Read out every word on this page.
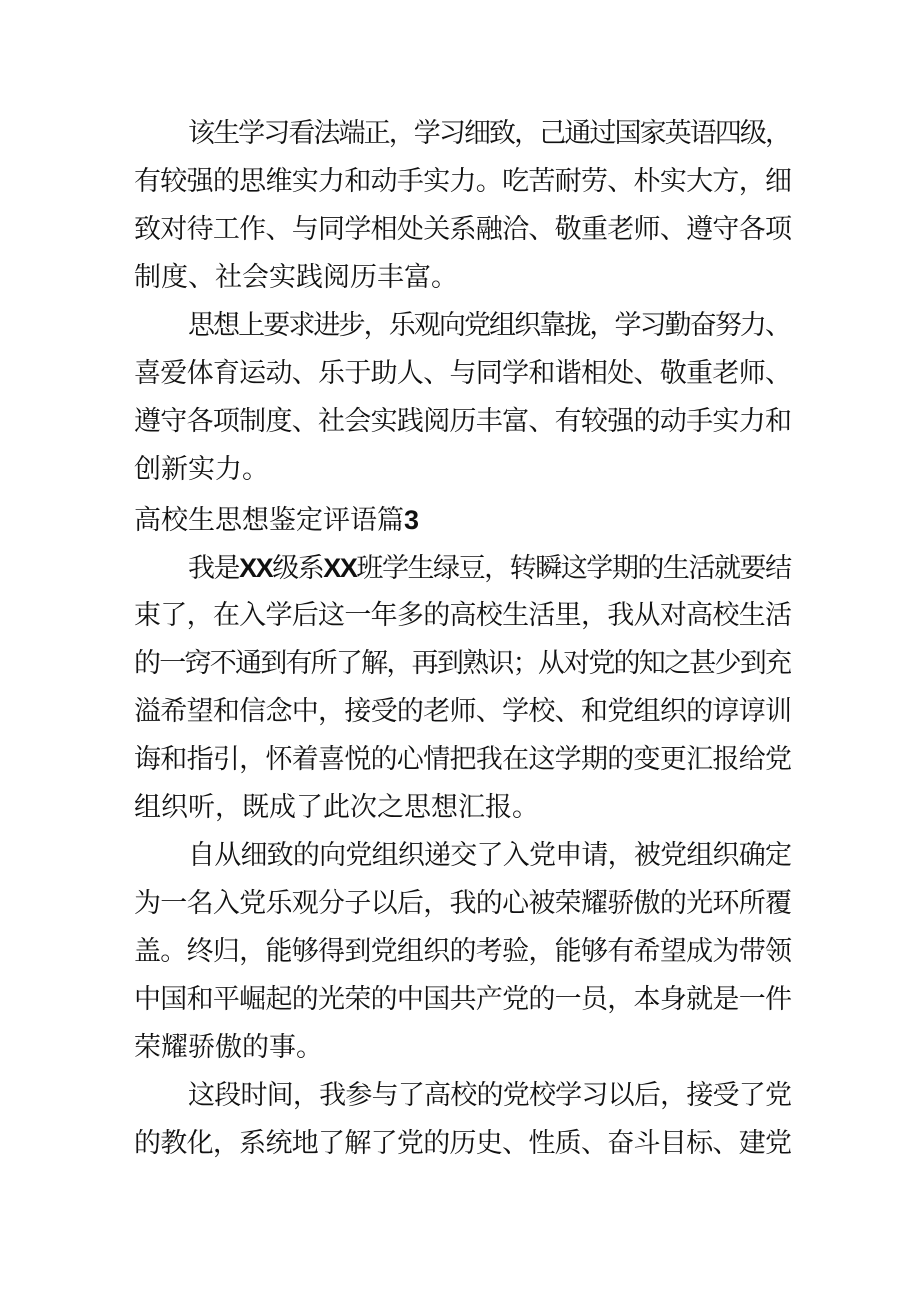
该生学习看法端正，学习细致，己通过国家英语四级，
有较强的思维实力和动手实力。吃苦耐劳、朴实大方，细
致对待工作、与同学相处关系融洽、敬重老师、遵守各项
制度、社会实践阅历丰富。
思想上要求进步，乐观向党组织靠拢，学习勤奋努力、
喜爱体育运动、乐于助人、与同学和谐相处、敬重老师、
遵守各项制度、社会实践阅历丰富、有较强的动手实力和
创新实力。
高校生思想鉴定评语篇3
我是XX级系XX班学生绿豆，转瞬这学期的生活就要结
束了，在入学后这一年多的高校生活里，我从对高校生活
的一窍不通到有所了解，再到熟识；从对党的知之甚少到充
溢希望和信念中，接受的老师、学校、和党组织的谆谆训
诲和指引，怀着喜悦的心情把我在这学期的变更汇报给党
组织听，既成了此次之思想汇报。
自从细致的向党组织递交了入党申请，被党组织确定
为一名入党乐观分子以后，我的心被荣耀骄傲的光环所覆
盖。终归，能够得到党组织的考验，能够有希望成为带领
中国和平崛起的光荣的中国共产党的一员，本身就是一件
荣耀骄傲的事。
这段时间，我参与了高校的党校学习以后，接受了党
的教化，系统地了解了党的历史、性质、奋斗目标、建党
